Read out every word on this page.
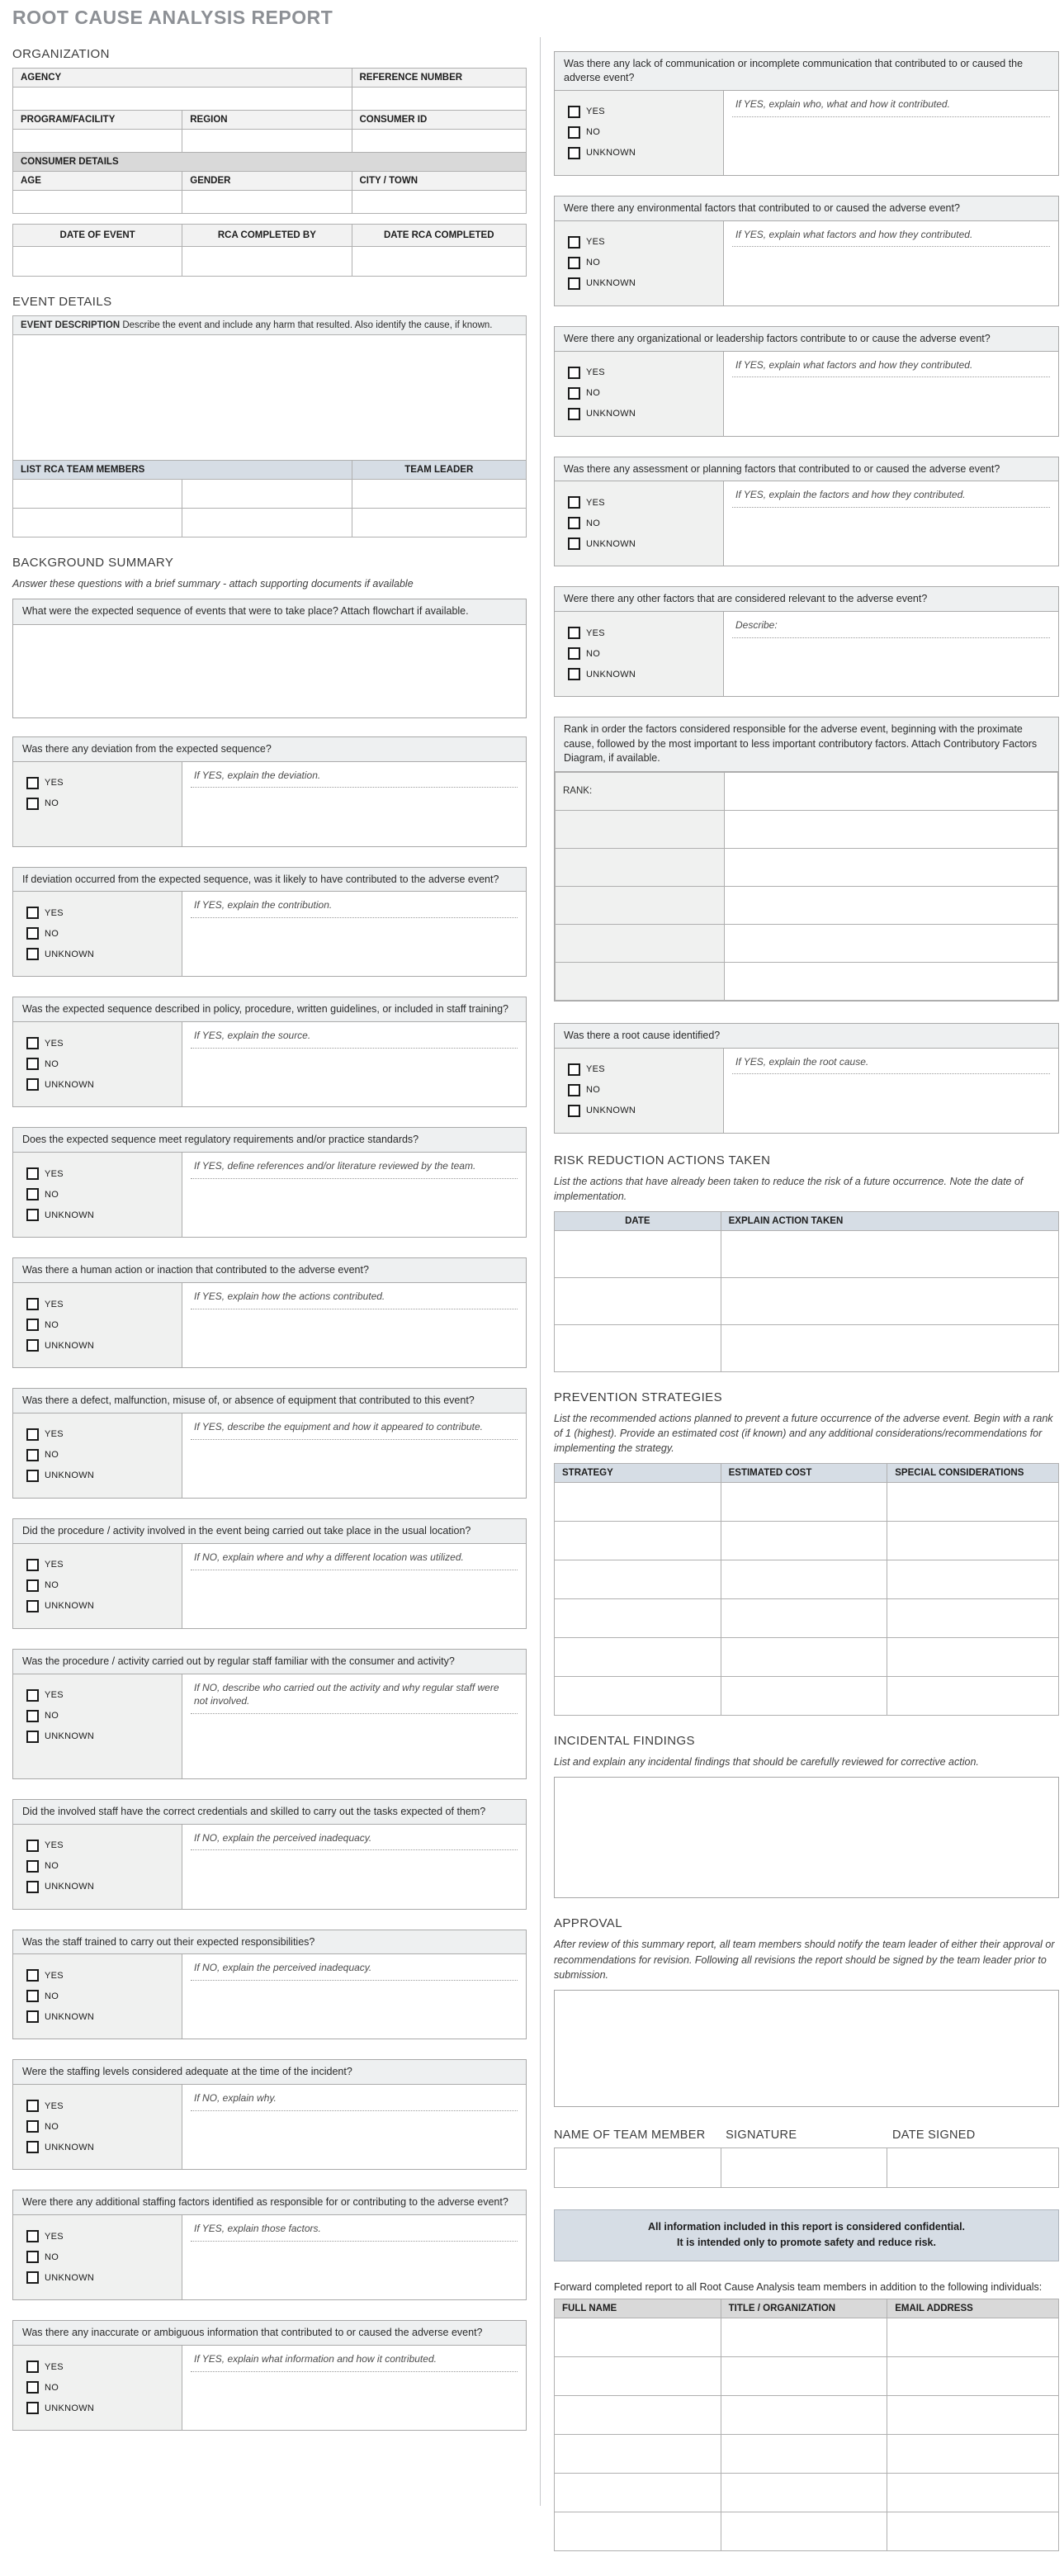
ROOT CAUSE ANALYSIS REPORT
ORGANIZATION
AGENCY		REFERENCE NUMBER

PROGRAM/FACILITY	REGION	CONSUMER ID

CONSUMER DETAILS		
AGE	GENDER	CITY / TOWN

DATE OF EVENT	RCA COMPLETED BY	DATE RCA COMPLETED

EVENT DETAILS
EVENT DESCRIPTION Describe the event and include any harm that resulted. Also identify the cause, if known.		

LIST RCA TEAM MEMBERS		TEAM LEADER

BACKGROUND SUMMARY
Answer these questions with a brief summary - attach supporting documents if available
What were the expected sequence of events that were to take place? Attach flowchart if available.
Was there any deviation from the expected sequence?
YES
NO
If YES, explain the deviation.
If deviation occurred from the expected sequence, was it likely to have contributed to the adverse event?
YES
NO
UNKNOWN
If YES, explain the contribution.
Was the expected sequence described in policy, procedure, written guidelines, or included in staff training?
YES
NO
UNKNOWN
If YES, explain the source.
Does the expected sequence meet regulatory requirements and/or practice standards?
YES
NO
UNKNOWN
If YES, define references and/or literature reviewed by the team.
Was there a human action or inaction that contributed to the adverse event?
YES
NO
UNKNOWN
If YES, explain how the actions contributed.
Was there a defect, malfunction, misuse of, or absence of equipment that contributed to this event?
YES
NO
UNKNOWN
If YES, describe the equipment and how it appeared to contribute.
Did the procedure / activity involved in the event being carried out take place in the usual location?
YES
NO
UNKNOWN
If NO, explain where and why a different location was utilized.
Was the procedure / activity carried out by regular staff familiar with the consumer and activity?
YES
NO
UNKNOWN
If NO, describe who carried out the activity and why regular staff were not involved.
Did the involved staff have the correct credentials and skilled to carry out the tasks expected of them?
YES
NO
UNKNOWN
If NO, explain the perceived inadequacy.
Was the staff trained to carry out their expected responsibilities?
YES
NO
UNKNOWN
If NO, explain the perceived inadequacy.
Were the staffing levels considered adequate at the time of the incident?
YES
NO
UNKNOWN
If NO, explain why.
Were there any additional staffing factors identified as responsible for or contributing to the adverse event?
YES
NO
UNKNOWN
If YES, explain those factors.
Was there any inaccurate or ambiguous information that contributed to or caused the adverse event?
YES
NO
UNKNOWN
If YES, explain what information and how it contributed.
Was there any lack of communication or incomplete communication that contributed to or caused the adverse event?
YES
NO
UNKNOWN
If YES, explain who, what and how it contributed.
Were there any environmental factors that contributed to or caused the adverse event?
YES
NO
UNKNOWN
If YES, explain what factors and how they contributed.
Were there any organizational or leadership factors contribute to or cause the adverse event?
YES
NO
UNKNOWN
If YES, explain what factors and how they contributed.
Was there any assessment or planning factors that contributed to or caused the adverse event?
YES
NO
UNKNOWN
If YES, explain the factors and how they contributed.
Were there any other factors that are considered relevant to the adverse event?
YES
NO
UNKNOWN
Describe:
Rank in order the factors considered responsible for the adverse event, beginning with the proximate cause, followed by the most important to less important contributory factors. Attach Contributory Factors Diagram, if available.
RANK:	

Was there a root cause identified?
YES
NO
UNKNOWN
If YES, explain the root cause.
RISK REDUCTION ACTIONS TAKEN
List the actions that have already been taken to reduce the risk of a future occurrence. Note the date of implementation.
DATE	EXPLAIN ACTION TAKEN

PREVENTION STRATEGIES
List the recommended actions planned to prevent a future occurrence of the adverse event. Begin with a rank of 1 (highest). Provide an estimated cost (if known) and any additional considerations/recommendations for implementing the strategy.
STRATEGY	ESTIMATED COST	SPECIAL CONSIDERATIONS

INCIDENTAL FINDINGS
List and explain any incidental findings that should be carefully reviewed for corrective action.
APPROVAL
After review of this summary report, all team members should notify the team leader of either their approval or recommendations for revision. Following all revisions the report should be signed by the team leader prior to submission.
NAME OF TEAM MEMBER	SIGNATURE	DATE SIGNED

All information included in this report is considered confidential.
It is intended only to promote safety and reduce risk.
Forward completed report to all Root Cause Analysis team members in addition to the following individuals:
FULL NAME	TITLE / ORGANIZATION	EMAIL ADDRESS
